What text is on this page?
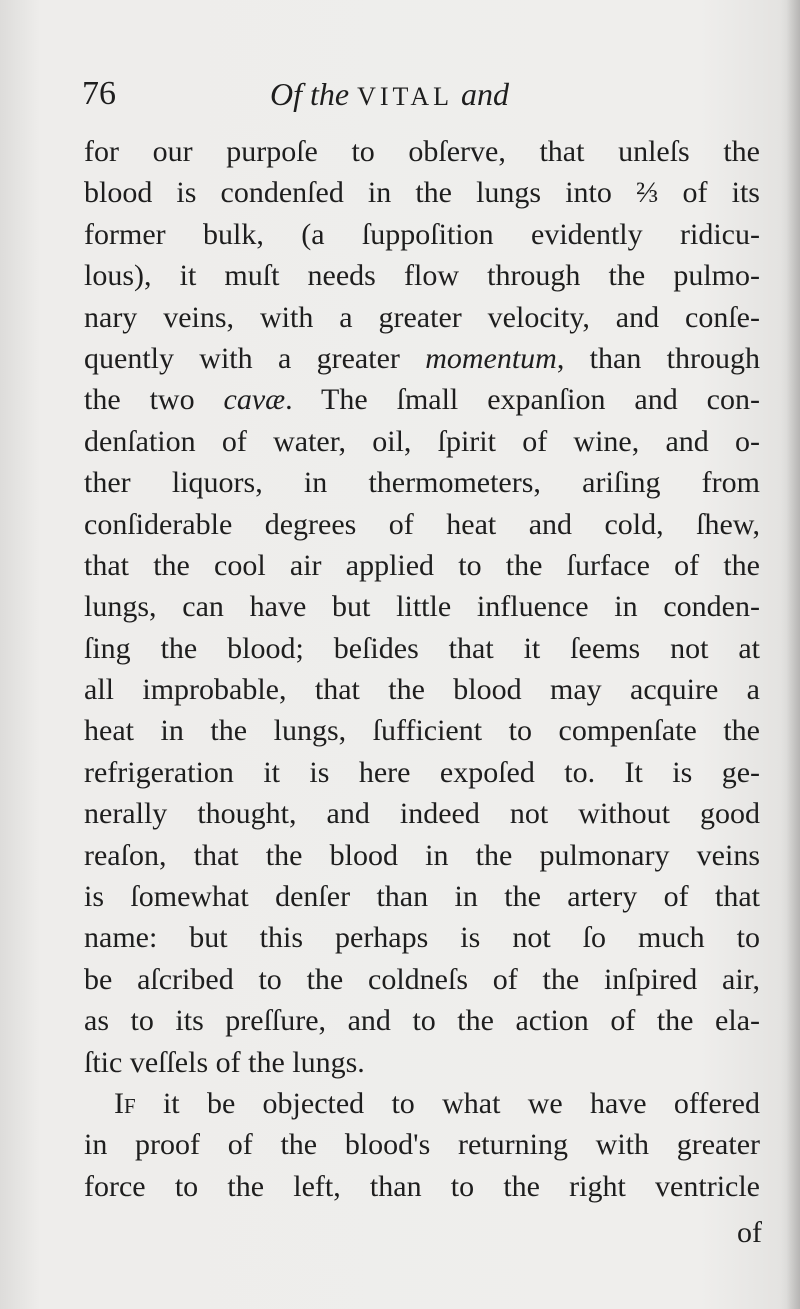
76	Of the VITAL and
for our purpoſe to obſerve, that unleſs the
blood is condenſed in the lungs into ⅔ of its
former bulk, (a ſuppoſition evidently ridicu-
lous), it muſt needs flow through the pulmo-
nary veins, with a greater velocity, and conſe-
quently with a greater momentum, than through
the two cavæ. The ſmall expanſion and con-
denſation of water, oil, ſpirit of wine, and o-
ther liquors, in thermometers, ariſing from
conſiderable degrees of heat and cold, ſhew,
that the cool air applied to the ſurface of the
lungs, can have but little influence in conden-
ſing the blood; beſides that it ſeems not at
all improbable, that the blood may acquire a
heat in the lungs, ſufficient to compenſate the
refrigeration it is here expoſed to. It is ge-
nerally thought, and indeed not without good
reaſon, that the blood in the pulmonary veins
is ſomewhat denſer than in the artery of that
name: but this perhaps is not ſo much to
be aſcribed to the coldneſs of the inſpired air,
as to its preſſure, and to the action of the ela-
ſtic veſſels of the lungs.
If it be objected to what we have offered
in proof of the blood's returning with greater
force to the left, than to the right ventricle
of
